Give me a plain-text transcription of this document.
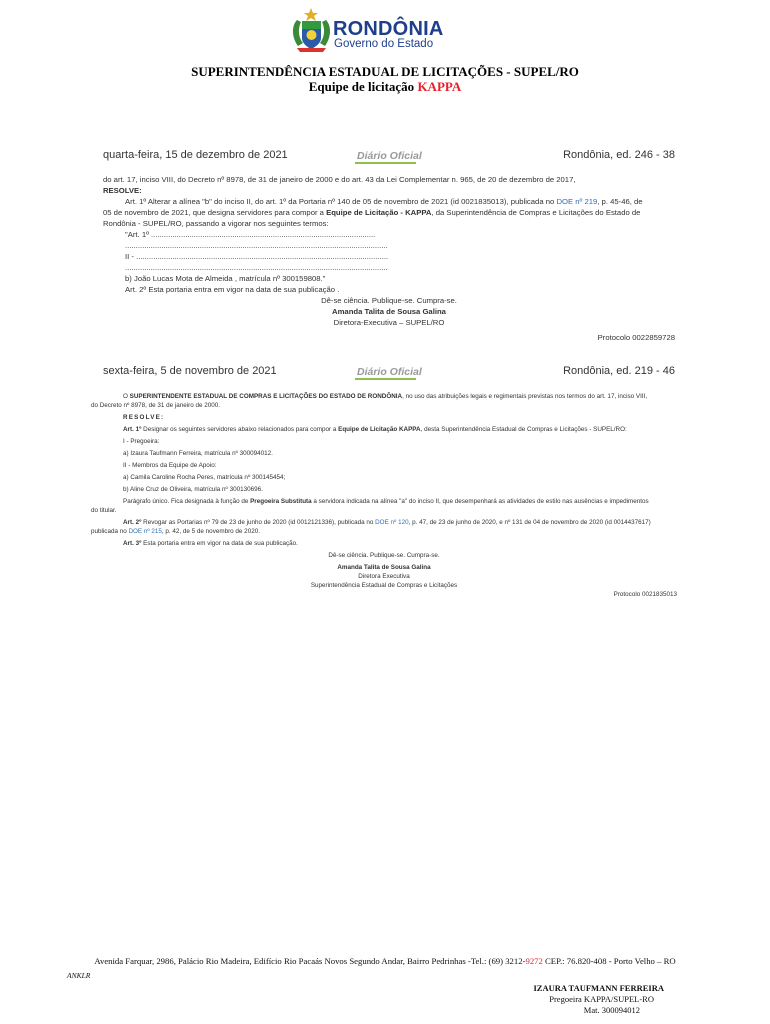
RONDÔNIA
Governo do Estado
SUPERINTENDÊNCIA ESTADUAL DE LICITAÇÕES - SUPEL/RO
Equipe de licitação KAPPA
quarta-feira, 15 de dezembro de 2021	Diário Oficial	Rondônia, ed. 246 - 38
do art. 17, inciso VIII, do Decreto nº 8978, de 31 de janeiro de 2000 e do art. 43 da Lei Complementar n. 965, de 20 de dezembro de 2017,
RESOLVE:
Art. 1º Alterar a alínea "b" do inciso II, do art. 1º da Portaria nº 140 de 05 de novembro de 2021 (id 0021835013), publicada no DOE nº 219, p. 45-46, de
05 de novembro de 2021, que designa servidores para compor a Equipe de Licitação - KAPPA, da Superintendência de Compras e Licitações do Estado de
Rondônia - SUPEL/RO, passando a vigorar nos seguintes termos:
"Art. 1º .........................................................................................................
...........................................................................................................................
II - ......................................................................................................................
...........................................................................................................................
b) João Lucas Mota de Almeida , matrícula nº 300159808."
Art. 2º Esta portaria entra em vigor na data de sua publicação .
Dê-se ciência. Publique-se. Cumpra-se.
Amanda Talita de Sousa Galina
Diretora-Executiva – SUPEL/RO
Protocolo 0022859728
sexta-feira, 5 de novembro de 2021	Diário Oficial	Rondônia, ed. 219 - 46
O SUPERINTENDENTE ESTADUAL DE COMPRAS E LICITAÇÕES DO ESTADO DE RONDÔNIA, no uso das atribuições legais e regimentais previstas nos termos do art. 17, inciso VIII,
do Decreto nº 8978, de 31 de janeiro de 2000.
RESOLVE:
Art. 1º Designar os seguintes servidores abaixo relacionados para compor a Equipe de Licitação KAPPA, desta Superintendência Estadual de Compras e Licitações - SUPEL/RO:
I - Pregoeira:
a) Izaura Taufmann Ferreira, matrícula nº 300094012.
II - Membros da Equipe de Apoio:
a) Camila Caroline Rocha Peres, matrícula nº 300145454;
b) Aline Cruz de Oliveira, matrícula nº 300130696.
Parágrafo único. Fica designada à função de Pregoeira Substituta a servidora indicada na alínea "a" do inciso II, que desempenhará as atividades de estilo nas ausências e impedimentos
do titular.
Art. 2º Revogar as Portarias nº 79 de 23 de junho de 2020 (id 0012121336), publicada no DOE nº 120, p. 47, de 23 de junho de 2020, e nº 131 de 04 de novembro de 2020 (id 0014437617)
publicada no DOE nº 215, p. 42, de 5 de novembro de 2020.
Art. 3º Esta portaria entra em vigor na data de sua publicação.
Dê-se ciência. Publique-se. Cumpra-se.
Amanda Talita de Sousa Galina
Diretora Executiva
Superintendência Estadual de Compras e Licitações
Protocolo 0021835013
Avenida Farquar, 2986, Palácio Rio Madeira, Edifício Rio Pacaás Novos Segundo Andar, Bairro Pedrinhas -Tel.: (69) 3212-9272 CEP.: 76.820-408 - Porto Velho – RO
ANKLR
IZAURA TAUFMANN FERREIRA
Pregoeira KAPPA/SUPEL-RO
Mat. 300094012
